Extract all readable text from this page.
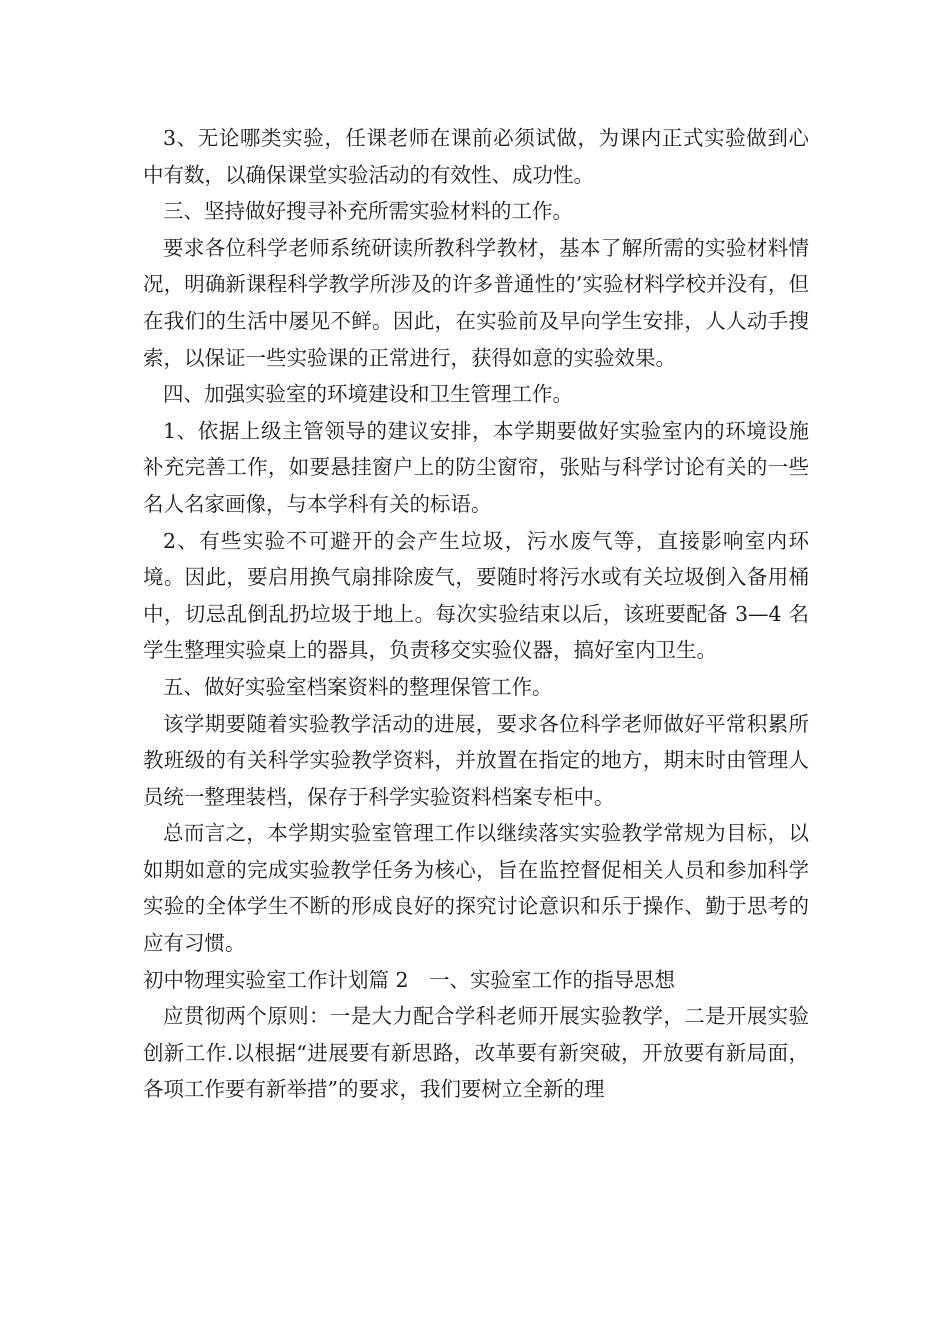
3、无论哪类实验，任课老师在课前必须试做，为课内正式实验做到心中有数，以确保课堂实验活动的有效性、成功性。

三、坚持做好搜寻补充所需实验材料的工作。

要求各位科学老师系统研读所教科学教材，基本了解所需的实验材料情况，明确新课程科学教学所涉及的许多普通性的’实验材料学校并没有，但在我们的生活中屡见不鲜。因此，在实验前及早向学生安排，人人动手搜索，以保证一些实验课的正常进行，获得如意的实验效果。

四、加强实验室的环境建设和卫生管理工作。

1、依据上级主管领导的建议安排，本学期要做好实验室内的环境设施补充完善工作，如要悬挂窗户上的防尘窗帘，张贴与科学讨论有关的一些名人名家画像，与本学科有关的标语。

2、有些实验不可避开的会产生垃圾，污水废气等，直接影响室内环境。因此，要启用换气扇排除废气，要随时将污水或有关垃圾倒入备用桶中，切忌乱倒乱扔垃圾于地上。每次实验结束以后，该班要配备 3—4 名学生整理实验桌上的器具，负责移交实验仪器，搞好室内卫生。

五、做好实验室档案资料的整理保管工作。

该学期要随着实验教学活动的进展，要求各位科学老师做好平常积累所教班级的有关科学实验教学资料，并放置在指定的地方，期末时由管理人员统一整理装档，保存于科学实验资料档案专柜中。

总而言之，本学期实验室管理工作以继续落实实验教学常规为目标，以如期如意的完成实验教学任务为核心，旨在监控督促相关人员和参加科学实验的全体学生不断的形成良好的探究讨论意识和乐于操作、勤于思考的应有习惯。

初中物理实验室工作计划篇 2　一、实验室工作的指导思想

应贯彻两个原则：一是大力配合学科老师开展实验教学，二是开展实验创新工作.以根据“进展要有新思路，改革要有新突破，开放要有新局面，各项工作要有新举措”的要求，我们要树立全新的理
